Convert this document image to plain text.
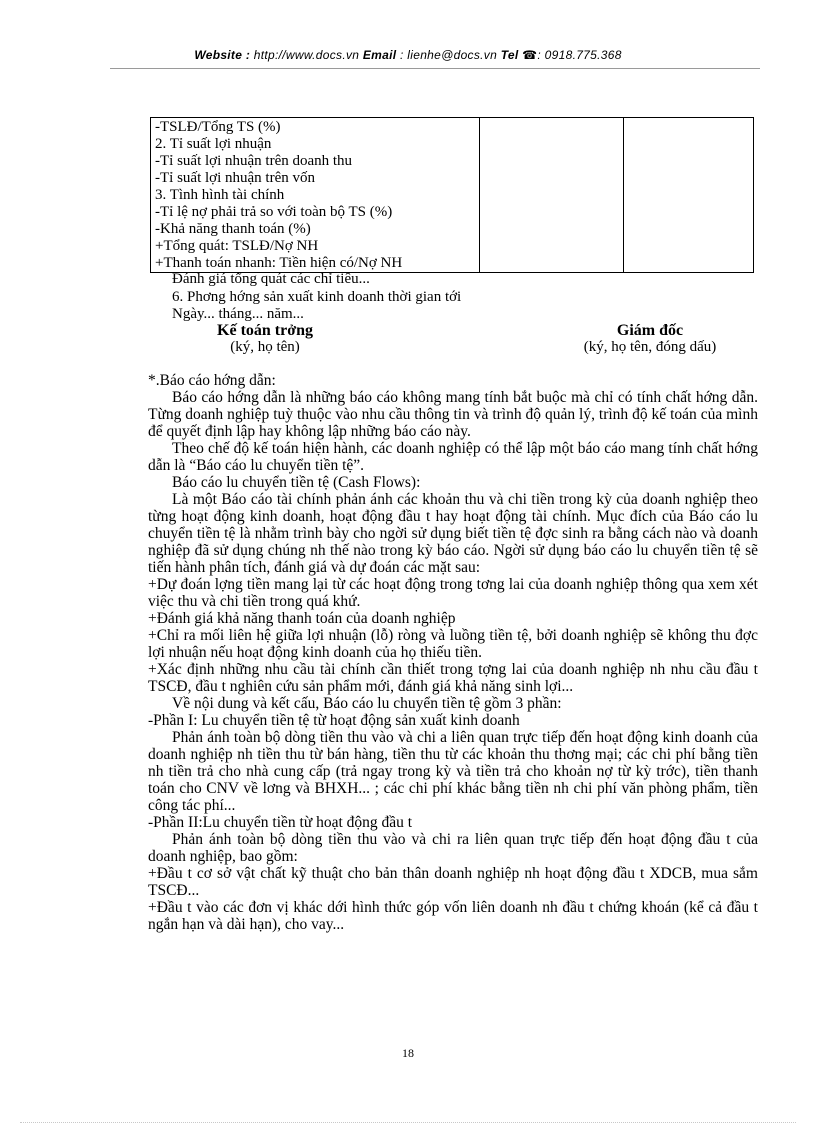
Website : http://www.docs.vn Email : lienhe@docs.vn Tel ☎: 0918.775.368
-TSLĐ/Tổng TS (%)
2. Tỉ suất lợi nhuận
-Tỉ suất lợi nhuận trên doanh thu
-Tỉ suất lợi nhuận trên vốn
3. Tình hình tài chính
-Tỉ lệ nợ phải trả so với toàn bộ TS (%)
-Khả năng thanh toán (%)
+Tổng quát: TSLĐ/Nợ NH
+Thanh toán nhanh: Tiền hiện có/Nợ NH

Đánh giá tổng quát các chỉ tiêu...
6. Phơng hớng sản xuất kinh doanh thời gian tới
Ngày... tháng... năm...
Kế toán trởng
(ký, họ tên)
Giám đốc
(ký, họ tên, đóng dấu)

*.Báo cáo hớng dẫn:

Báo cáo hớng dẫn là những báo cáo không mang tính bắt buộc mà chỉ có tính chất hớng dẫn. Từng doanh nghiệp tuỳ thuộc vào nhu cầu thông tin và trình độ quản lý, trình độ kế toán của mình để quyết định lập hay không lập những báo cáo này.

Theo chế độ kế toán hiện hành, các doanh nghiệp có thể lập một báo cáo mang tính chất hớng dẫn là “Báo cáo lu chuyển tiền tệ”.

Báo cáo lu chuyển tiền tệ (Cash Flows):

Là một Báo cáo tài chính phản ánh các khoản thu và chi tiền trong kỳ của doanh nghiệp theo từng hoạt động kinh doanh, hoạt động đầu t hay hoạt động tài chính. Mục đích của Báo cáo lu chuyển tiền tệ là nhằm trình bày cho ngời sử dụng biết tiền tệ đợc sinh ra bằng cách nào và doanh nghiệp đã sử dụng chúng nh thế nào trong kỳ báo cáo. Ngời sử dụng báo cáo lu chuyển tiền tệ sẽ tiến hành phân tích, đánh giá và dự đoán các mặt sau:

+Dự đoán lợng tiền mang lại từ các hoạt động trong tơng lai của doanh nghiệp thông qua xem xét việc thu và chi tiền trong quá khứ.

+Đánh giá khả năng thanh toán của doanh nghiệp

+Chỉ ra mối liên hệ giữa lợi nhuận (lỗ) ròng và luồng tiền tệ, bởi doanh nghiệp sẽ không thu đợc lợi nhuận nếu hoạt động kinh doanh của họ thiếu tiền.

+Xác định những nhu cầu tài chính cần thiết trong tợng lai của doanh nghiệp nh nhu cầu đầu t TSCĐ, đầu t nghiên cứu sản phẩm mới, đánh giá khả năng sinh lợi...

Về nội dung và kết cấu, Báo cáo lu chuyển tiền tệ gồm 3 phần:

-Phần I: Lu chuyển tiền tệ từ hoạt động sản xuất kinh doanh

Phản ánh toàn bộ dòng tiền thu vào và chi a liên quan trực tiếp đến hoạt động kinh doanh của doanh nghiệp nh tiền thu từ bán hàng, tiền thu từ các khoản thu thơng mại; các chi phí bằng tiền nh tiền trả cho nhà cung cấp (trả ngay trong kỳ và tiền trả cho khoản nợ từ kỳ trớc), tiền thanh toán cho CNV về lơng và BHXH... ; các chi phí khác bằng tiền nh chi phí văn phòng phẩm, tiền công tác phí...

-Phần II:Lu chuyển tiền từ hoạt động đầu t

Phản ánh toàn bộ dòng tiền thu vào và chi ra liên quan trực tiếp đến hoạt động đầu t của doanh nghiệp, bao gồm:

+Đầu t cơ sở vật chất kỹ thuật cho bản thân doanh nghiệp nh hoạt động đầu t XDCB, mua sắm TSCĐ...

+Đầu t vào các đơn vị khác dới hình thức góp vốn liên doanh nh đầu t chứng khoán (kể cả đầu t ngắn hạn và dài hạn), cho vay...

18
